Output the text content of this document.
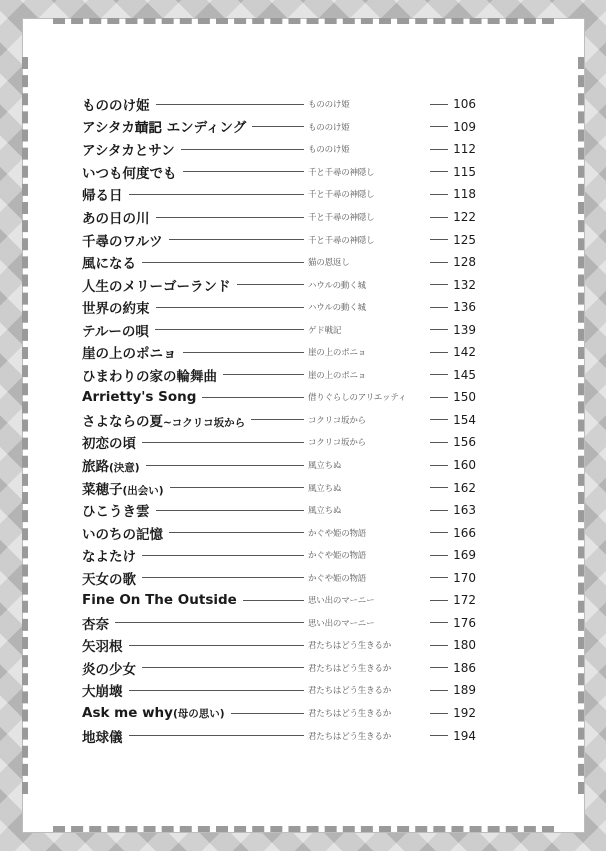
もののけ姫	もののけ姫	106
アシタカ𦻙記 エンディング	もののけ姫	109
アシタカとサン	もののけ姫	112
いつも何度でも	千と千尋の神隠し	115
帰る日	千と千尋の神隠し	118
あの日の川	千と千尋の神隠し	122
千尋のワルツ	千と千尋の神隠し	125
風になる	猫の恩返し	128
人生のメリーゴーランド	ハウルの動く城	132
世界の約束	ハウルの動く城	136
テルーの唄	ゲド戦記	139
崖の上のポニョ	崖の上のポニョ	142
ひまわりの家の輪舞曲	崖の上のポニョ	145
Arrietty's Song	借りぐらしのアリエッティ	150
さよならの夏~コクリコ坂から	コクリコ坂から	154
初恋の頃	コクリコ坂から	156
旅路(決意)	風立ちぬ	160
菜穂子(出会い)	風立ちぬ	162
ひこうき雲	風立ちぬ	163
いのちの記憶	かぐや姫の物語	166
なよたけ	かぐや姫の物語	169
天女の歌	かぐや姫の物語	170
Fine On The Outside	思い出のマーニー	172
杏奈	思い出のマーニー	176
矢羽根	君たちはどう生きるか	180
炎の少女	君たちはどう生きるか	186
大崩壊	君たちはどう生きるか	189
Ask me why(母の思い)	君たちはどう生きるか	192
地球儀	君たちはどう生きるか	194
